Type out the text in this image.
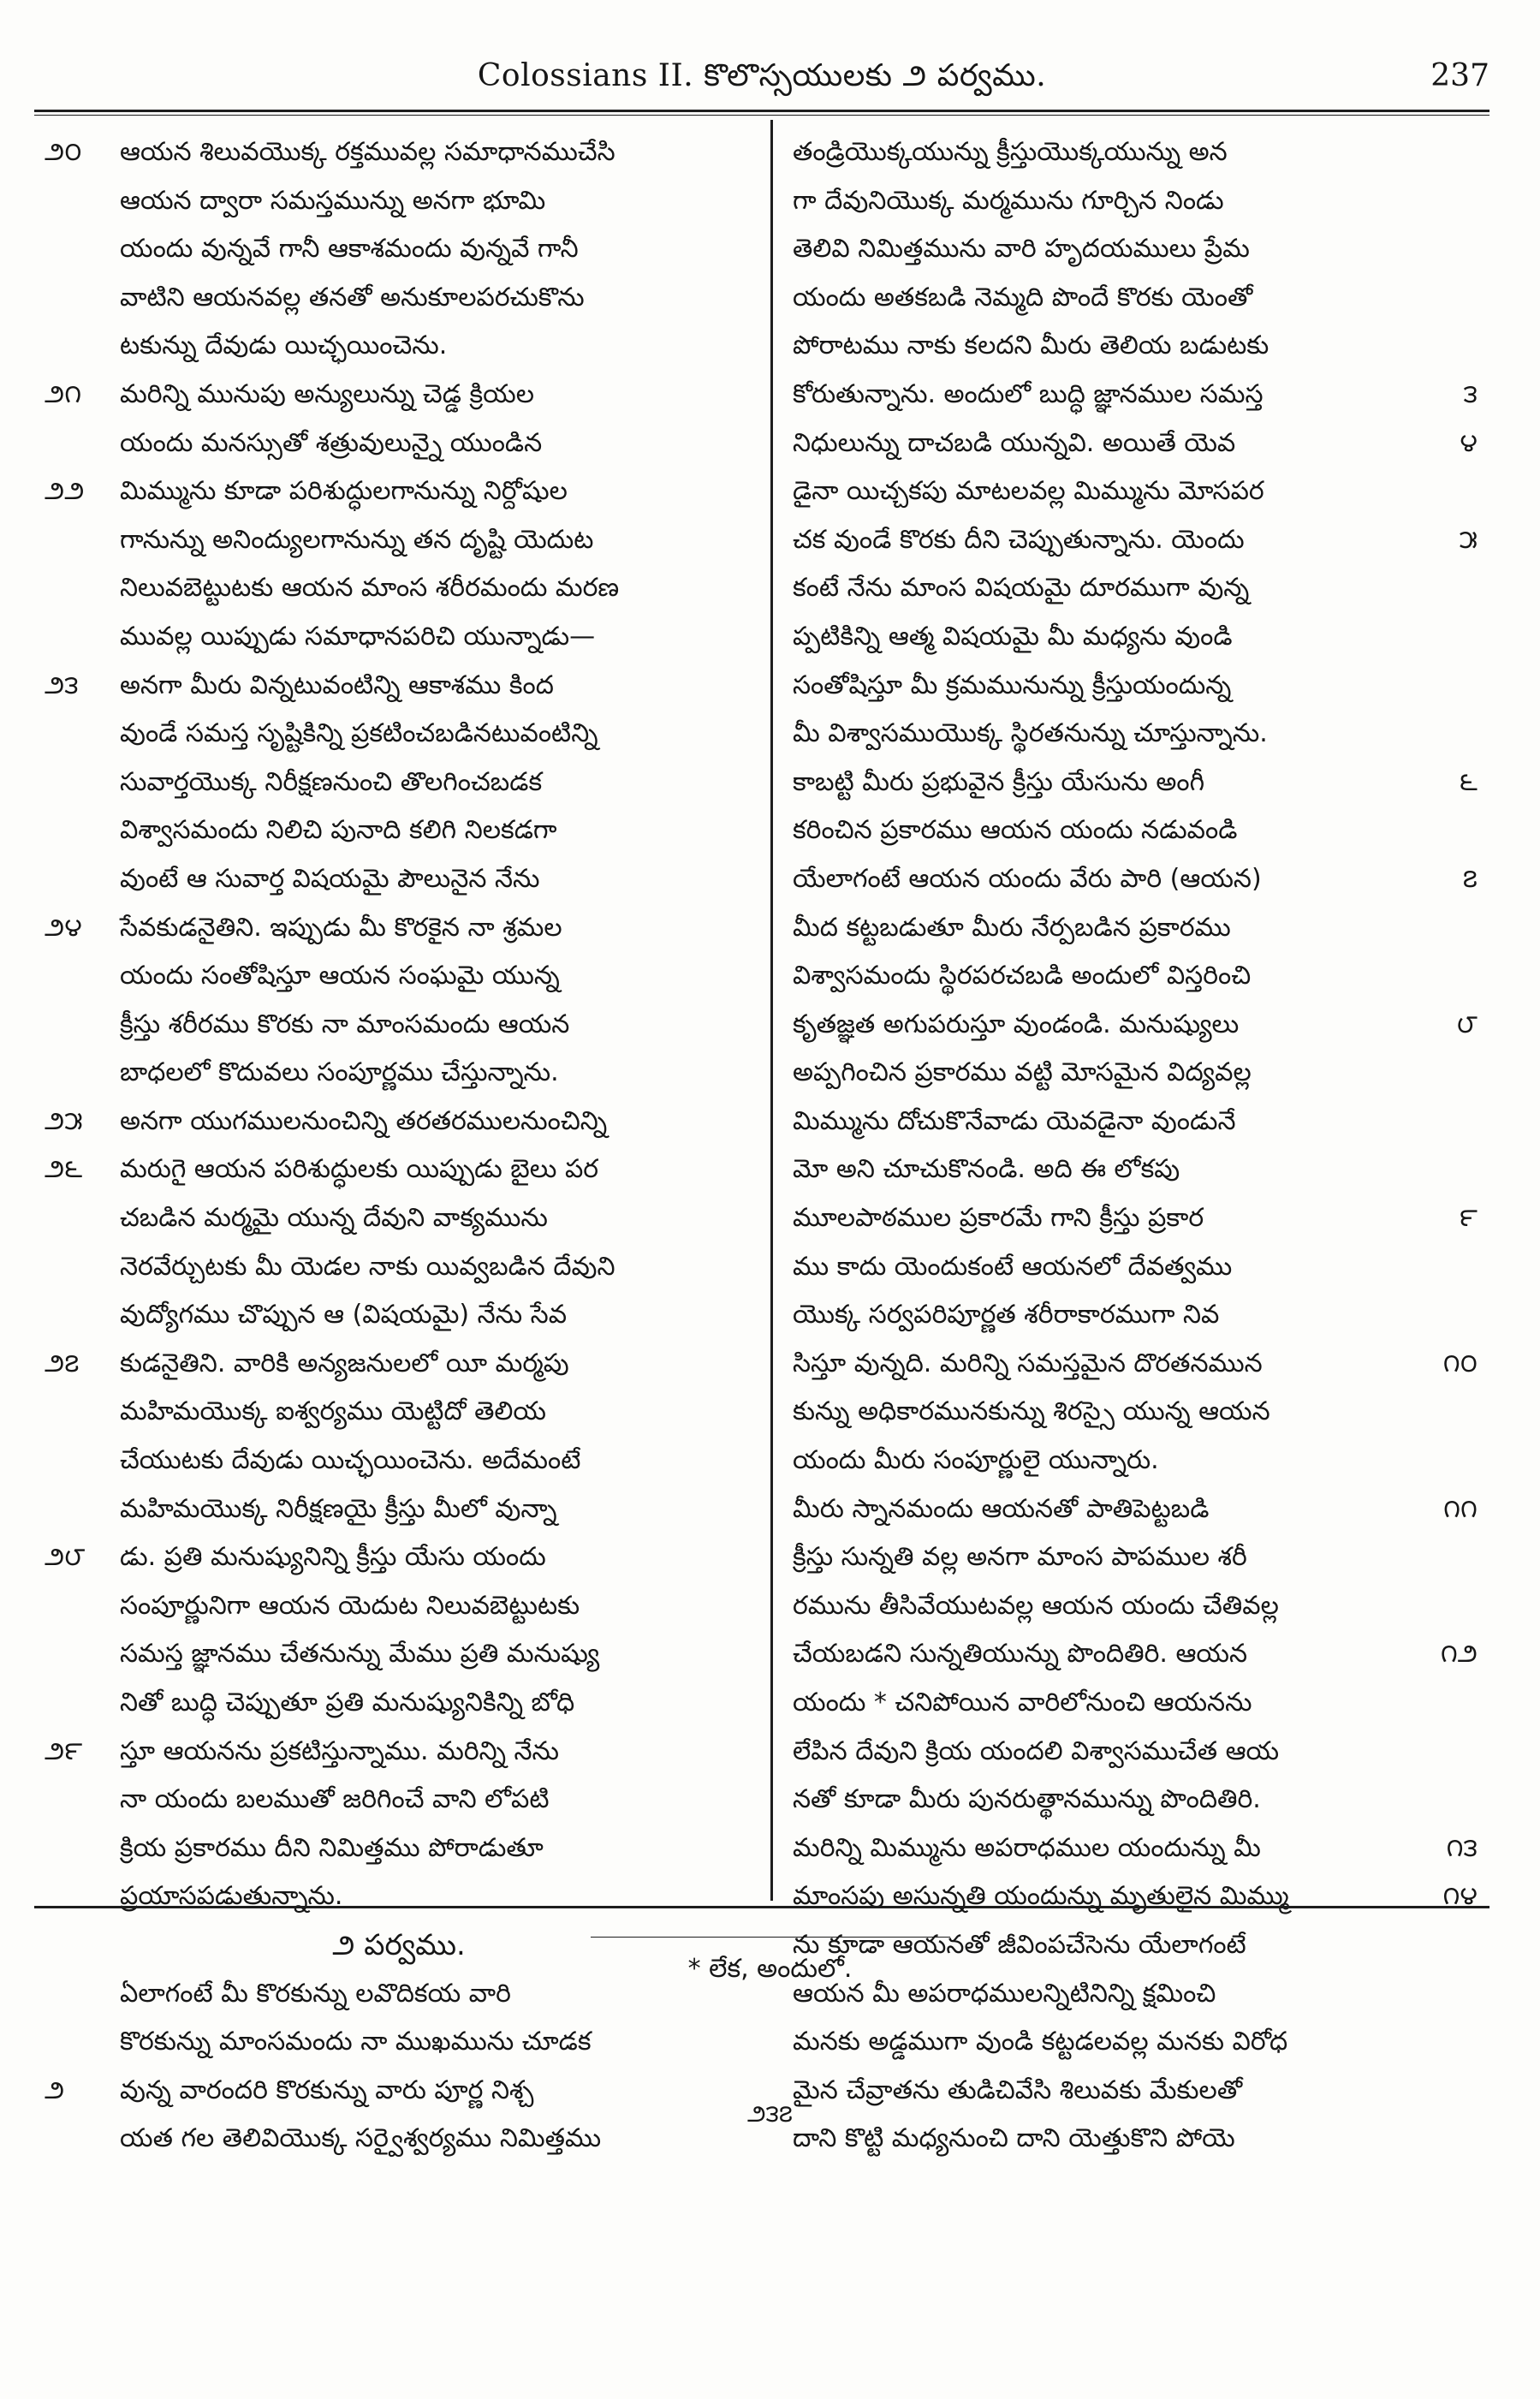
Colossians II. కొలొస్సయులకు ౨ పర్వము.	237
౨౦ ఆయన శిలువయొక్క రక్తమువల్ల సమాధానముచేసి
ఆయన ద్వారా సమస్తమున్ను అనగా భూమి
యందు వున్నవే గానీ ఆకాశమందు వున్నవే గానీ
వాటిని ఆయనవల్ల తనతో అనుకూలపరచుకొను
టకున్ను దేవుడు యిచ్ఛయించెను.
౨౧ మరిన్ని మునుపు అన్యులున్ను చెడ్డ క్రియల
యందు మనస్సుతో శత్రువులున్నై యుండిన
౨౨ మిమ్మును కూడా పరిశుద్ధులగానున్ను నిర్దోషుల
గానున్ను అనింద్యులగానున్ను తన దృష్టి యెదుట
నిలువబెట్టుటకు ఆయన మాంస శరీరమందు మరణ
మువల్ల యిప్పుడు సమాధానపరిచి యున్నాడు—
౨౩ అనగా మీరు విన్నటువంటిన్ని ఆకాశము కింద
వుండే సమస్త సృష్టికిన్ని ప్రకటించబడినటువంటిన్ని
సువార్తయొక్క నిరీక్షణనుంచి తొలగించబడక
విశ్వాసమందు నిలిచి పునాది కలిగి నిలకడగా
వుంటే ఆ సువార్త విషయమై పౌలునైన నేను
౨౪ సేవకుడనైతిని. ఇప్పుడు మీ కొరకైన నా శ్రమల
యందు సంతోషిస్తూ ఆయన సంఘమై యున్న
క్రీస్తు శరీరము కొరకు నా మాంసమందు ఆయన
బాధలలో కొదువలు సంపూర్ణము చేస్తున్నాను.
౨౫ అనగా యుగములనుంచిన్ని తరతరములనుంచిన్ని
౨౬ మరుగై ఆయన పరిశుద్ధులకు యిప్పుడు బైలు పర
చబడిన మర్మమై యున్న దేవుని వాక్యమును
నెరవేర్చుటకు మీ యెడల నాకు యివ్వబడిన దేవుని
వుద్యోగము చొప్పున ఆ (విషయమై) నేను సేవ
౨౭ కుడనైతిని. వారికి అన్యజనులలో యీ మర్మపు
మహిమయొక్క ఐశ్వర్యము యెట్టిదో తెలియ
చేయుటకు దేవుడు యిచ్ఛయించెను. అదేమంటే
మహిమయొక్క నిరీక్షణయై క్రీస్తు మీలో వున్నా
౨౮ డు. ప్రతి మనుష్యునిన్ని క్రీస్తు యేసు యందు
సంపూర్ణునిగా ఆయన యెదుట నిలువబెట్టుటకు
సమస్త జ్ఞానము చేతనున్ను మేము ప్రతి మనుష్యు
నితో బుద్ధి చెప్పుతూ ప్రతి మనుష్యునికిన్ని బోధి
౨౯ స్తూ ఆయనను ప్రకటిస్తున్నాము. మరిన్ని నేను
నా యందు బలముతో జరిగించే వాని లోపటి
క్రియ ప్రకారము దీని నిమిత్తము పోరాడుతూ
ప్రయాసపడుతున్నాను.
౨ పర్వము.
ఏలాగంటే మీ కొరకున్ను లవొదికయ వారి
కొరకున్ను మాంసమందు నా ముఖమును చూడక
౨ వున్న వారందరి కొరకున్ను వారు పూర్ణ నిశ్చ
యత గల తెలివియొక్క సర్వైశ్వర్యము నిమిత్తము
తండ్రియొక్కయున్ను క్రీస్తుయొక్కయున్ను అన
గా దేవునియొక్క మర్మమును గూర్చిన నిండు
తెలివి నిమిత్తమును వారి హృదయములు ప్రేమ
యందు అతకబడి నెమ్మది పొందే కొరకు యెంతో
పోరాటము నాకు కలదని మీరు తెలియ బడుటకు
౩
కోరుతున్నాను. అందులో బుద్ధి జ్ఞానముల సమస్త
౪
నిధులున్ను దాచబడి యున్నవి. అయితే యెవ
డైనా యిచ్చకపు మాటలవల్ల మిమ్మును మోసపర
౫
చక వుండే కొరకు దీని చెప్పుతున్నాను. యెందు
కంటే నేను మాంస విషయమై దూరముగా వున్న
ప్పటికిన్ని ఆత్మ విషయమై మీ మధ్యను వుండి
సంతోషిస్తూ మీ క్రమమునున్ను క్రీస్తుయందున్న
మీ విశ్వాసముయొక్క స్థిరతనున్ను చూస్తున్నాను.
౬
కాబట్టి మీరు ప్రభువైన క్రీస్తు యేసును అంగీ
కరించిన ప్రకారము ఆయన యందు నడువండి
౭
యేలాగంటే ఆయన యందు వేరు పారి (ఆయన)
మీద కట్టబడుతూ మీరు నేర్పబడిన ప్రకారము
విశ్వాసమందు స్థిరపరచబడి అందులో విస్తరించి
౮
కృతజ్ఞత అగుపరుస్తూ వుండండి. మనుష్యులు
అప్పగించిన ప్రకారము వట్టి మోసమైన విద్యవల్ల
మిమ్మును దోచుకొనేవాడు యెవడైనా వుండునే
మో అని చూచుకొనండి. అది ఈ లోకపు
౯
మూలపాఠముల ప్రకారమే గాని క్రీస్తు ప్రకార
ము కాదు యెందుకంటే ఆయనలో దేవత్వము
యొక్క సర్వపరిపూర్ణత శరీరాకారముగా నివ
౧౦
సిస్తూ వున్నది. మరిన్ని సమస్తమైన దొరతనమున
కున్ను అధికారమునకున్ను శిరస్సై యున్న ఆయన
యందు మీరు సంపూర్ణులై యున్నారు.
౧౧
మీరు స్నానమందు ఆయనతో పాతిపెట్టబడి
క్రీస్తు సున్నతి వల్ల అనగా మాంస పాపముల శరీ
రమును తీసివేయుటవల్ల ఆయన యందు చేతివల్ల
౧౨
చేయబడని సున్నతియున్ను పొందితిరి. ఆయన
యందు * చనిపోయిన వారిలోనుంచి ఆయనను
లేపిన దేవుని క్రియ యందలి విశ్వాసముచేత ఆయ
నతో కూడా మీరు పునరుత్థానమున్ను పొందితిరి.
౧౩
మరిన్ని మిమ్మును అపరాధముల యందున్ను మీ
౧౪
మాంసపు అసున్నతి యందున్ను మృతులైన మిమ్ము
ను కూడా ఆయనతో జీవింపచేసెను యేలాగంటే
ఆయన మీ అపరాధములన్నిటినిన్ని క్షమించి
మనకు అడ్డముగా వుండి కట్టడలవల్ల మనకు విరోధ
మైన చేవ్రాతను తుడిచివేసి శిలువకు మేకులతో
దాని కొట్టి మధ్యనుంచి దాని యెత్తుకొని పోయె
* లేక, అందులో.
౨౩౭
